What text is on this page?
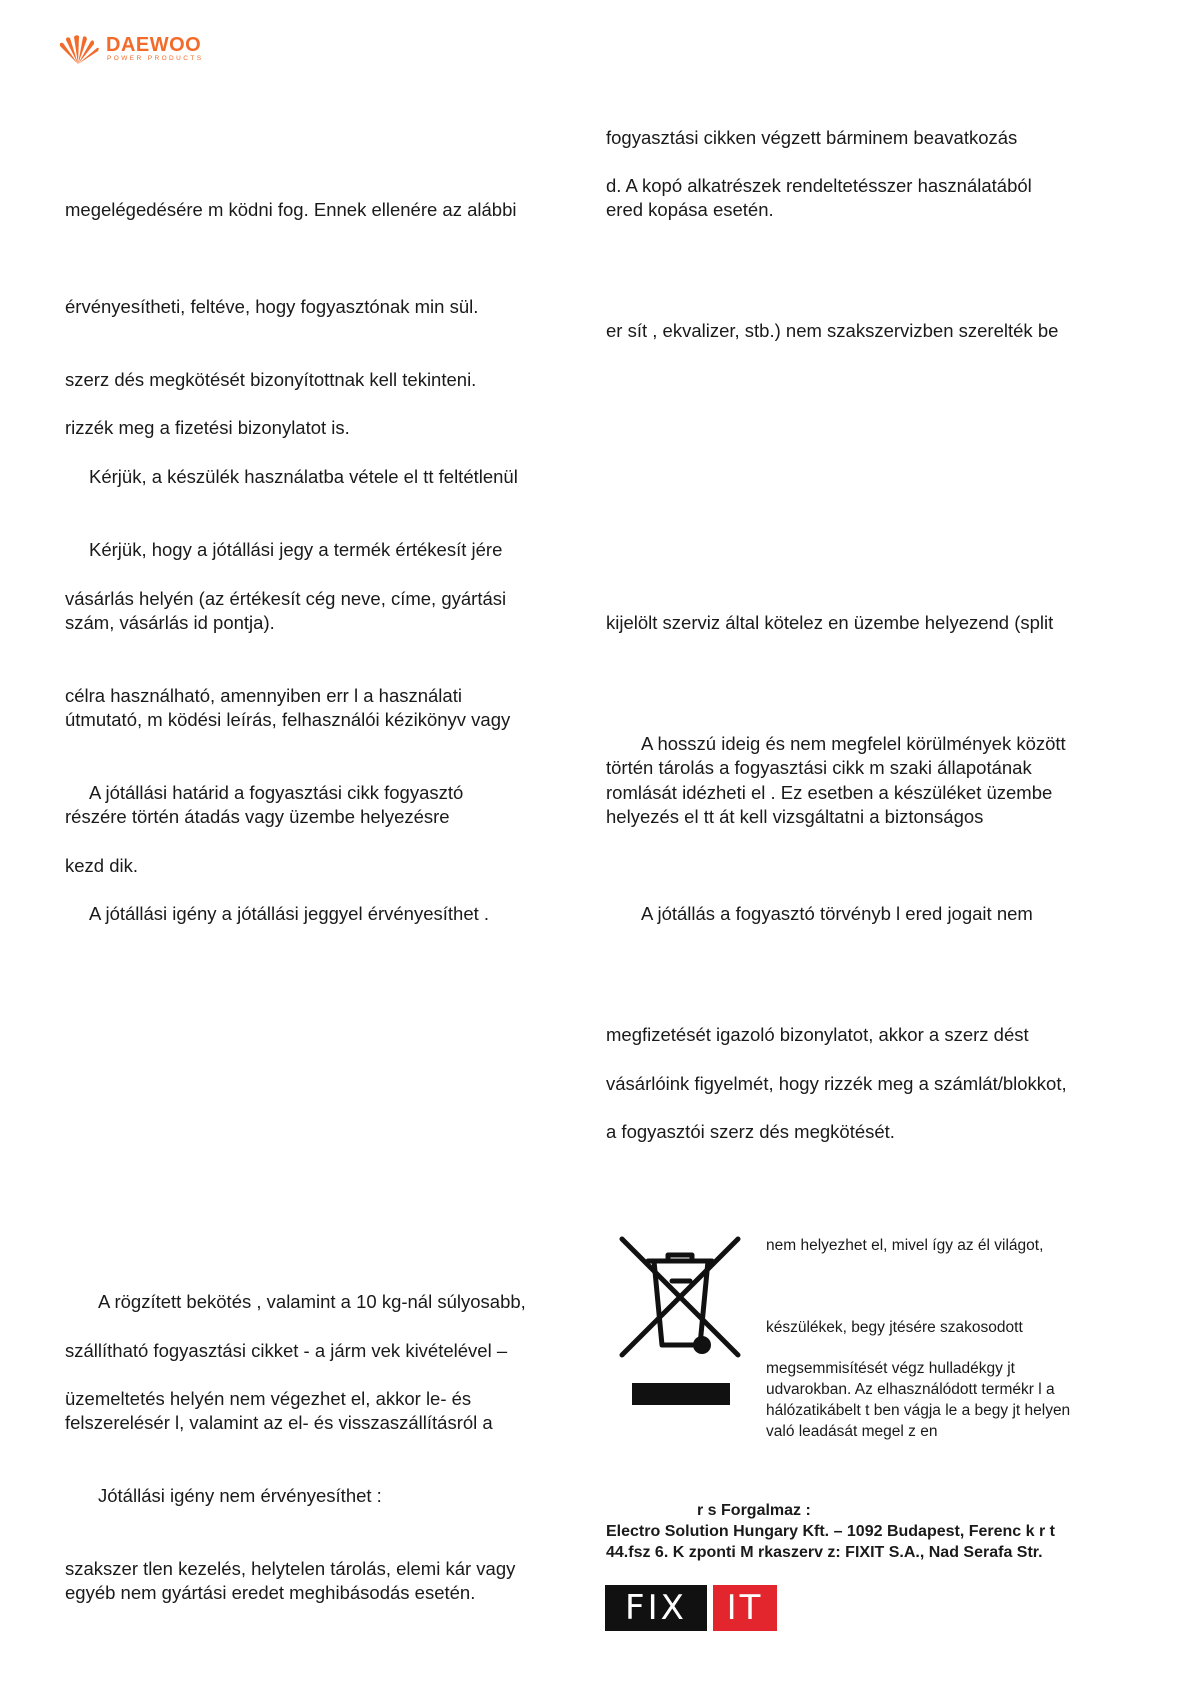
DAEWOO
POWER PRODUCTS
megelégedésére m ködni fog. Ennek ellenére az alábbi
érvényesítheti, feltéve, hogy fogyasztónak min sül.
szerz dés megkötését bizonyítottnak kell tekinteni.
rizzék meg a fizetési bizonylatot is.
Kérjük, a készülék használatba vétele el tt feltétlenül
Kérjük, hogy a jótállási jegy a termék értékesít jére
vásárlás helyén (az értékesít cég neve, címe, gyártási
szám, vásárlás id pontja).
célra használható, amennyiben err l a használati
útmutató, m ködési leírás, felhasználói kézikönyv vagy
A jótállási határid a fogyasztási cikk fogyasztó
részére történ átadás vagy üzembe helyezésre
kezd dik.
A jótállási igény a jótállási jeggyel érvényesíthet .
A rögzített bekötés , valamint a 10 kg-nál súlyosabb,
szállítható fogyasztási cikket - a járm vek kivételével –
üzemeltetés helyén nem végezhet el, akkor le- és
felszerelésér l, valamint az el- és visszaszállításról a
Jótállási igény nem érvényesíthet :
szakszer tlen kezelés, helytelen tárolás, elemi kár vagy
egyéb nem gyártási eredet meghibásodás esetén.
fogyasztási cikken végzett bárminem beavatkozás
d. A kopó alkatrészek rendeltetésszer használatából
ered kopása esetén.
er sít , ekvalizer, stb.) nem szakszervizben szerelték be
kijelölt szerviz által kötelez en üzembe helyezend (split
A hosszú ideig és nem megfelel körülmények között
történ tárolás a fogyasztási cikk m szaki állapotának
romlását idézheti el . Ez esetben a készüléket üzembe
helyezés el tt át kell vizsgáltatni a biztonságos
A jótállás a fogyasztó törvényb l ered jogait nem
megfizetését igazoló bizonylatot, akkor a szerz dést
vásárlóink figyelmét, hogy rizzék meg a számlát/blokkot,
a fogyasztói szerz dés megkötését.
nem helyezhet el, mivel így az él világot,
készülékek, begy jtésére szakosodott
megsemmisítését végz hulladékgy jt
udvarokban. Az elhasználódott termékr l a
hálózatikábelt t ben vágja le a begy jt helyen
való leadását megel z en
r s Forgalmaz :
Electro Solution Hungary Kft. – 1092 Budapest, Ferenc k r t
44.fsz 6. K zponti M rkaszerv z: FIXIT S.A., Nad Serafa Str.
FIX	IT
